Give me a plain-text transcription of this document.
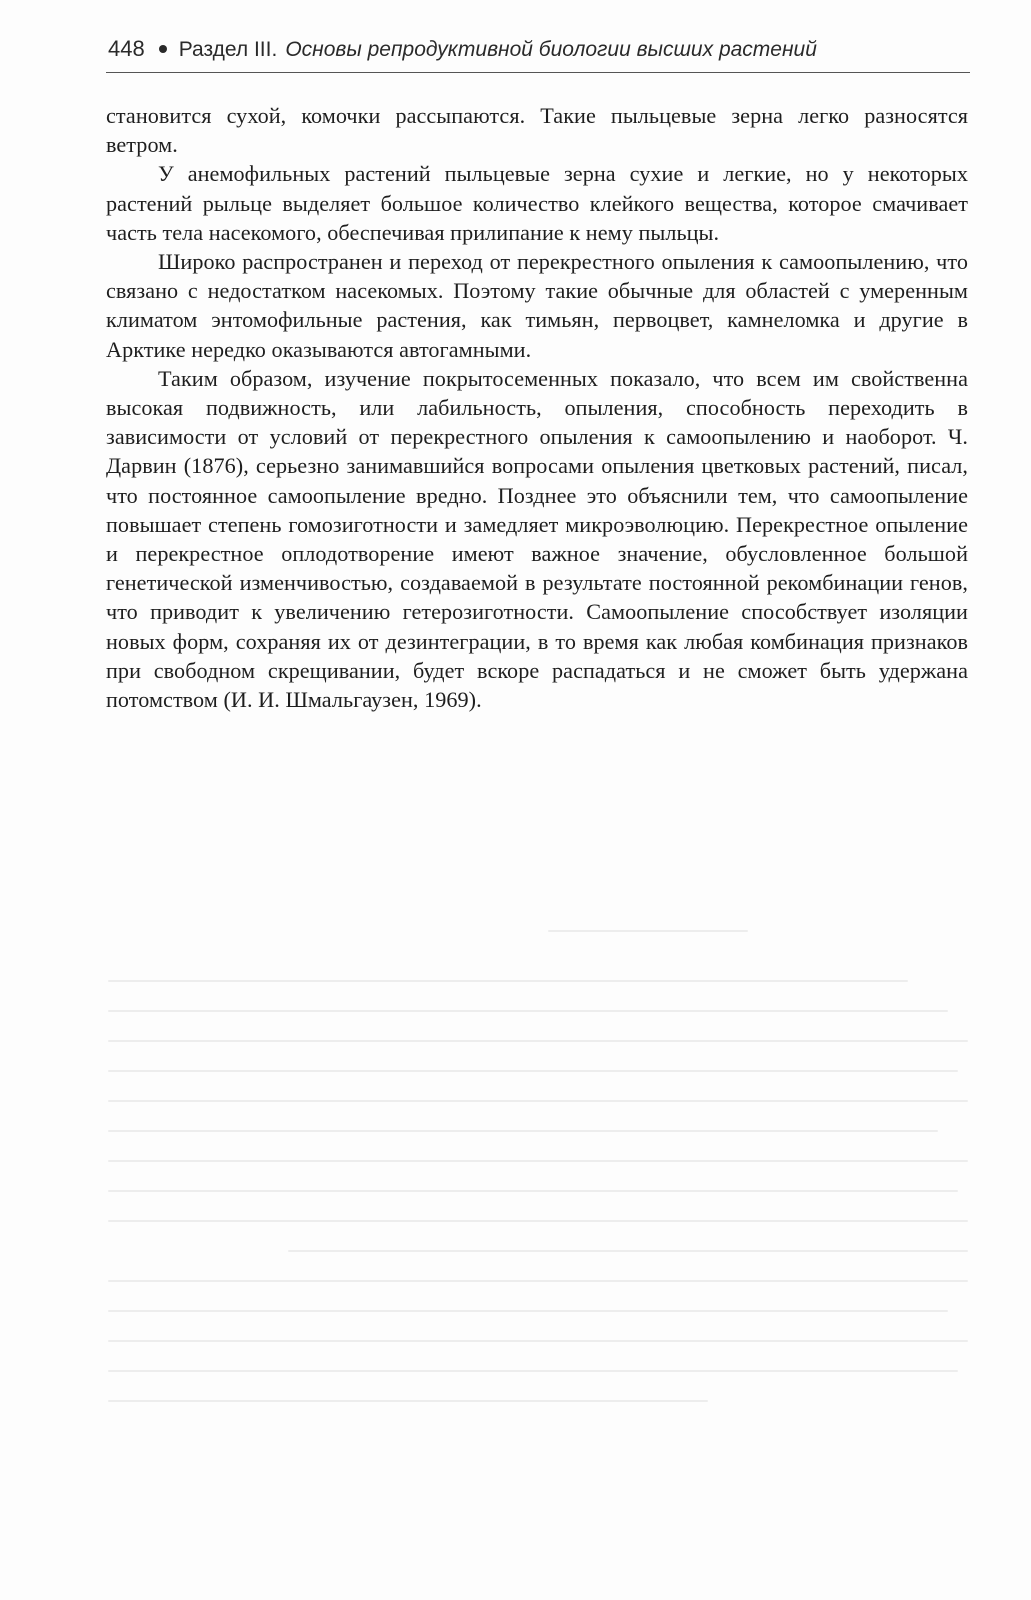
448 Раздел III. Основы репродуктивной биологии высших растений

становится сухой, комочки рассыпаются. Такие пыльцевые зерна легко разносятся ветром.

У анемофильных растений пыльцевые зерна сухие и легкие, но у некоторых растений рыльце выделяет большое количество клейкого вещества, которое смачивает часть тела насекомого, обеспечивая прилипание к нему пыльцы.

Широко распространен и переход от перекрестного опыления к самоопылению, что связано с недостатком насекомых. Поэтому такие обычные для областей с умеренным климатом энтомофильные растения, как тимьян, первоцвет, камнеломка и другие в Арктике нередко оказываются автогамными.

Таким образом, изучение покрытосеменных показало, что всем им свойственна высокая подвижность, или лабильность, опыления, способность переходить в зависимости от условий от перекрестного опыления к самоопылению и наоборот. Ч. Дарвин (1876), серьезно занимавшийся вопросами опыления цветковых растений, писал, что постоянное самоопыление вредно. Позднее это объяснили тем, что самоопыление повышает степень гомозиготности и замедляет микроэволюцию. Перекрестное опыление и перекрестное оплодотворение имеют важное значение, обусловленное большой генетической изменчивостью, создаваемой в результате постоянной рекомбинации генов, что приводит к увеличению гетерозиготности. Самоопыление способствует изоляции новых форм, сохраняя их от дезинтеграции, в то время как любая комбинация признаков при свободном скрещивании, будет вскоре распадаться и не сможет быть удержана потомством (И. И. Шмальгаузен, 1969).
